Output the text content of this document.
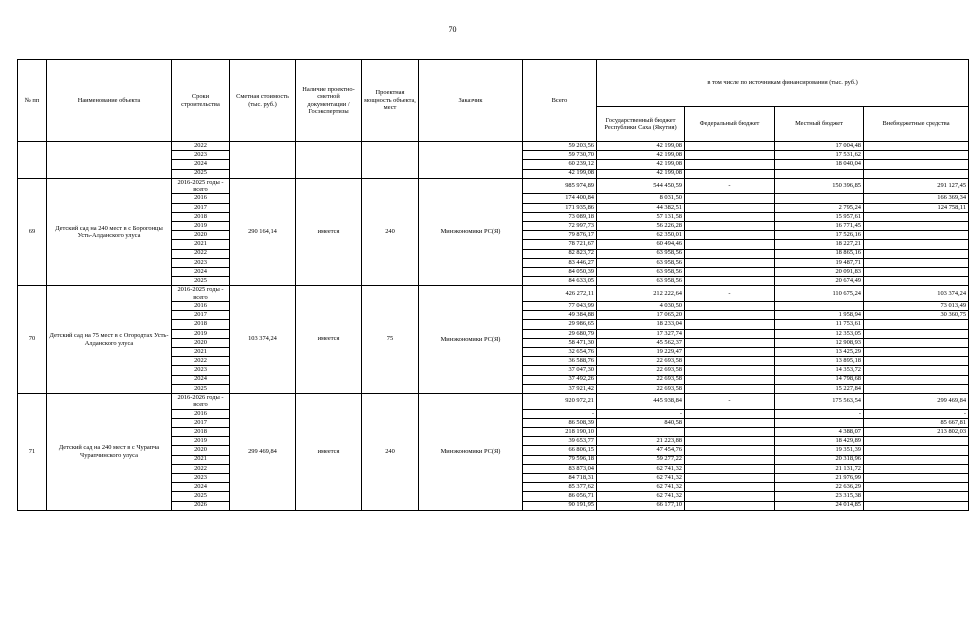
70
№ пп	Наименование объекта	Сроки строительства	Сметная стоимость (тыс. руб.)	Наличие проектно-сметной документации /Госэкспертизы	Проектная мощность объекта, мест	Заказчик	Всего	в том числе по источникам финансирования (тыс. руб.)			
								Государственный бюджет Республики Саха (Якутия)	Федеральный бюджет	Местный бюджет	Внебюджетные средства
		2022					59 203,56	42 199,08		17 004,48	
		2023					59 730,70	42 199,08		17 531,62	
		2024					60 239,12	42 199,08		18 040,04	
		2025					42 199,08	42 199,08			
69	Детский сад на 240 мест в с Борогонцы Усть-Алданского улуса	2016-2025 годы - всего	290 164,14	имеется	240	Минэкономики РС(Я)	985 974,89	544 450,59	-	150 396,85	291 127,45
		2016					174 400,84	8 031,50			166 369,34
		2017					171 935,86	44 382,51		2 795,24	124 758,11
		2018					73 089,18	57 131,58		15 957,61	
		2019					72 997,73	56 226,28		16 771,45	
		2020					79 876,17	62 350,01		17 526,16	
		2021					78 721,67	60 494,46		18 227,21	
		2022					82 823,72	63 958,56		18 865,16	
		2023					83 446,27	63 958,56		19 487,71	
		2024					84 050,39	63 958,56		20 091,83	
		2025					84 633,05	63 958,56		20 674,49	
70	Детский сад на 75 мест в с Огородтах Усть-Алданского улуса	2016-2025 годы - всего	103 374,24	имеется	75	Минэкономики РС(Я)	426 272,11	212 222,64	-	110 675,24	103 374,24
		2016					77 043,99	4 030,50			73 013,49
		2017					49 384,88	17 065,20		1 958,94	30 360,75
		2018					29 986,65	18 233,04		11 753,61	
		2019					29 680,79	17 327,74		12 353,05	
		2020					58 471,30	45 562,37		12 908,93	
		2021					32 654,76	19 229,47		13 425,29	
		2022					36 588,76	22 693,58		13 895,18	
		2023					37 047,30	22 693,58		14 353,72	
		2024					37 492,26	22 693,58		14 798,68	
		2025					37 921,42	22 693,58		15 227,84	
71	Детский сад на 240 мест в с Чурапча Чурапчинского улуса	2016-2026 годы - всего	299 469,84	имеется	240	Минэкономики РС(Я)	920 972,21	445 938,84	-	175 563,54	299 469,84
		2016					-	-		-	-
		2017					86 508,39	840,58			85 667,81
		2018					218 190,10			4 388,07	213 802,03
		2019					39 653,77	21 223,88		18 429,89	
		2020					66 806,15	47 454,76		19 351,39	
		2021					79 596,18	59 277,22		20 318,96	
		2022					83 873,04	62 741,32		21 131,72	
		2023					84 718,31	62 741,32		21 976,99	
		2024					85 377,62	62 741,32		22 636,29	
		2025					86 056,71	62 741,32		23 315,38	
		2026					90 191,95	66 177,10		24 014,85	
